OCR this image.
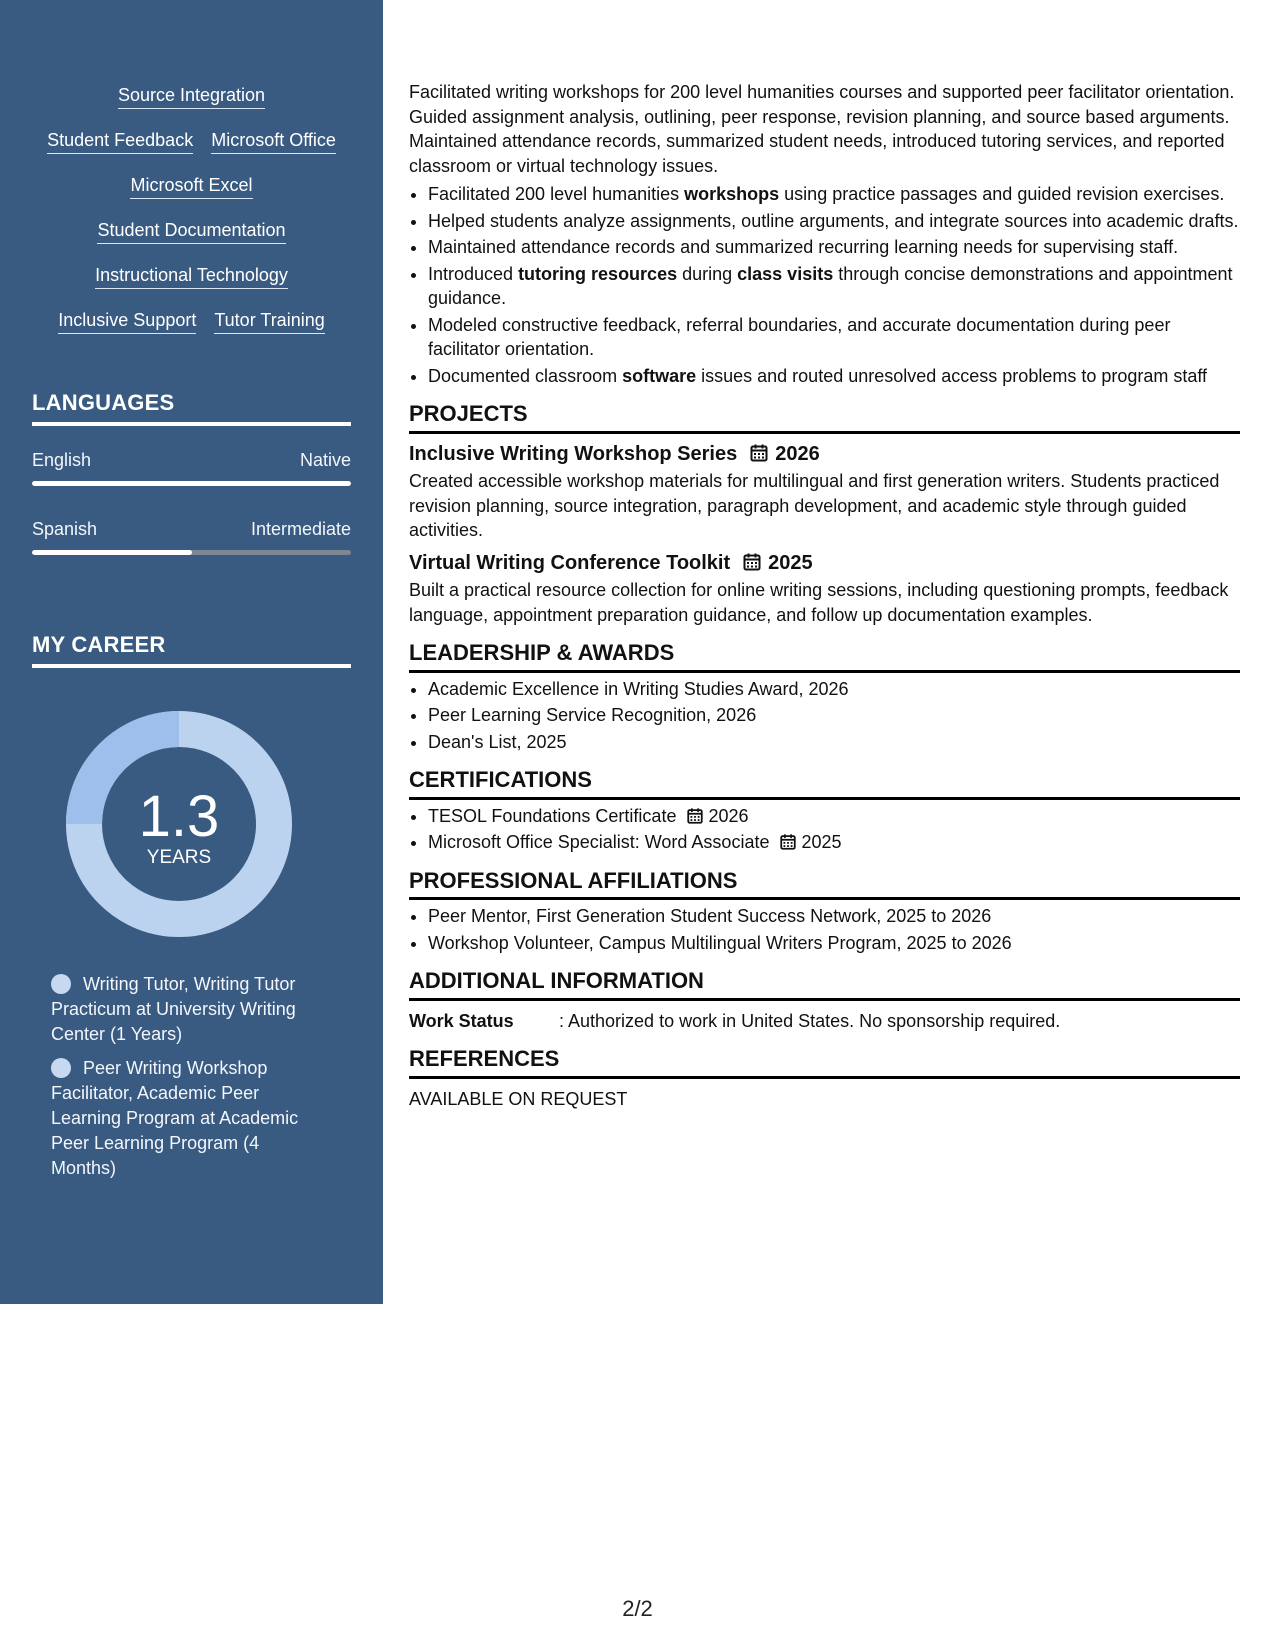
Source Integration
Student Feedback Microsoft Office
Microsoft Excel
Student Documentation
Instructional Technology
Inclusive Support Tutor Training
LANGUAGES
English	Native
Spanish	Intermediate
MY CAREER
1.3
YEARS
Writing Tutor, Writing Tutor Practicum at University Writing Center (1 Years)
Peer Writing Workshop Facilitator, Academic Peer Learning Program at Academic Peer Learning Program (4 Months)

Facilitated writing workshops for 200 level humanities courses and supported peer facilitator orientation. Guided assignment analysis, outlining, peer response, revision planning, and source based arguments. Maintained attendance records, summarized student needs, introduced tutoring services, and reported classroom or virtual technology issues.

• Facilitated 200 level humanities workshops using practice passages and guided revision exercises.
• Helped students analyze assignments, outline arguments, and integrate sources into academic drafts.
• Maintained attendance records and summarized recurring learning needs for supervising staff.
• Introduced tutoring resources during class visits through concise demonstrations and appointment guidance.
• Modeled constructive feedback, referral boundaries, and accurate documentation during peer facilitator orientation.
• Documented classroom software issues and routed unresolved access problems to program staff
PROJECTS
Inclusive Writing Workshop Series 2026

Created accessible workshop materials for multilingual and first generation writers. Students practiced revision planning, source integration, paragraph development, and academic style through guided activities.

Virtual Writing Conference Toolkit 2025

Built a practical resource collection for online writing sessions, including questioning prompts, feedback language, appointment preparation guidance, and follow up documentation examples.

LEADERSHIP & AWARDS
• Academic Excellence in Writing Studies Award, 2026
• Peer Learning Service Recognition, 2026
• Dean's List, 2025
CERTIFICATIONS
• TESOL Foundations Certificate 2026
• Microsoft Office Specialist: Word Associate 2025
PROFESSIONAL AFFILIATIONS
• Peer Mentor, First Generation Student Success Network, 2025 to 2026
• Workshop Volunteer, Campus Multilingual Writers Program, 2025 to 2026
ADDITIONAL INFORMATION
Work Status	: Authorized to work in United States. No sponsorship required.
REFERENCES
AVAILABLE ON REQUEST
2/2
